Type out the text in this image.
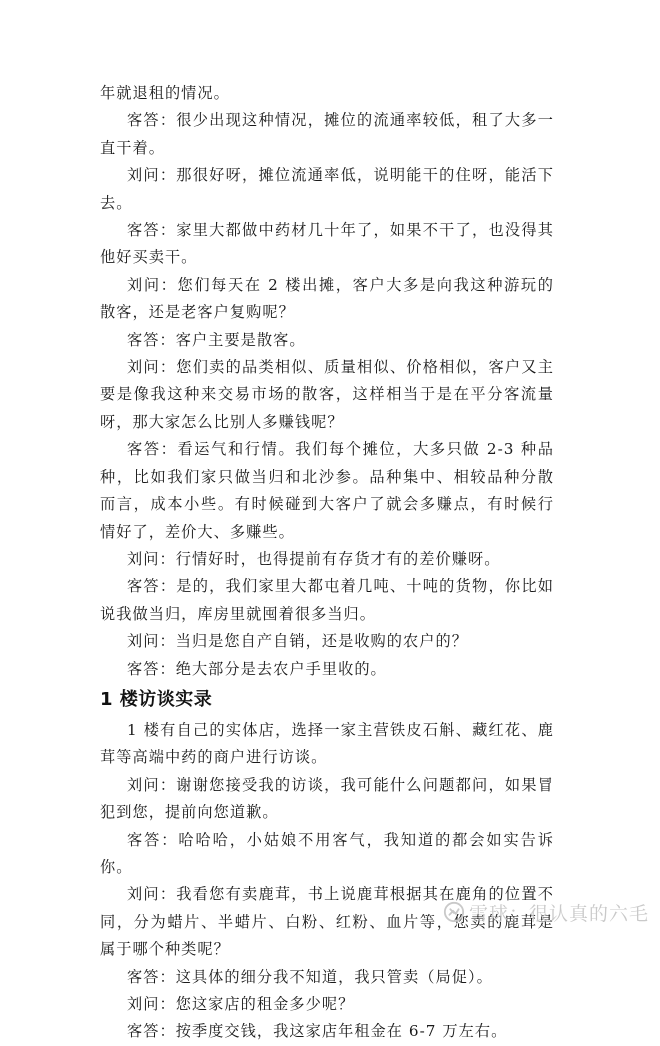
年就退租的情况。

客答：很少出现这种情况，摊位的流通率较低，租了大多一直干着。

刘问：那很好呀，摊位流通率低，说明能干的住呀，能活下去。

客答：家里大都做中药材几十年了，如果不干了，也没得其他好买卖干。

刘问：您们每天在 2 楼出摊，客户大多是向我这种游玩的散客，还是老客户复购呢？

客答：客户主要是散客。

刘问：您们卖的品类相似、质量相似、价格相似，客户又主要是像我这种来交易市场的散客，这样相当于是在平分客流量呀，那大家怎么比别人多赚钱呢？

客答：看运气和行情。我们每个摊位，大多只做 2-3 种品种，比如我们家只做当归和北沙参。品种集中、相较品种分散而言，成本小些。有时候碰到大客户了就会多赚点，有时候行情好了，差价大、多赚些。

刘问：行情好时，也得提前有存货才有的差价赚呀。

客答：是的，我们家里大都屯着几吨、十吨的货物，你比如说我做当归，库房里就囤着很多当归。

刘问：当归是您自产自销，还是收购的农户的？

客答：绝大部分是去农户手里收的。

1 楼访谈实录

1 楼有自己的实体店，选择一家主营铁皮石斛、藏红花、鹿茸等高端中药的商户进行访谈。

刘问：谢谢您接受我的访谈，我可能什么问题都问，如果冒犯到您，提前向您道歉。

客答：哈哈哈，小姑娘不用客气，我知道的都会如实告诉你。

刘问：我看您有卖鹿茸，书上说鹿茸根据其在鹿角的位置不同，分为蜡片、半蜡片、白粉、红粉、血片等，您卖的鹿茸是属于哪个种类呢？

客答：这具体的细分我不知道，我只管卖（局促）。

刘问：您这家店的租金多少呢？

客答：按季度交钱，我这家店年租金在 6-7 万左右。

雪球：很认真的六毛
